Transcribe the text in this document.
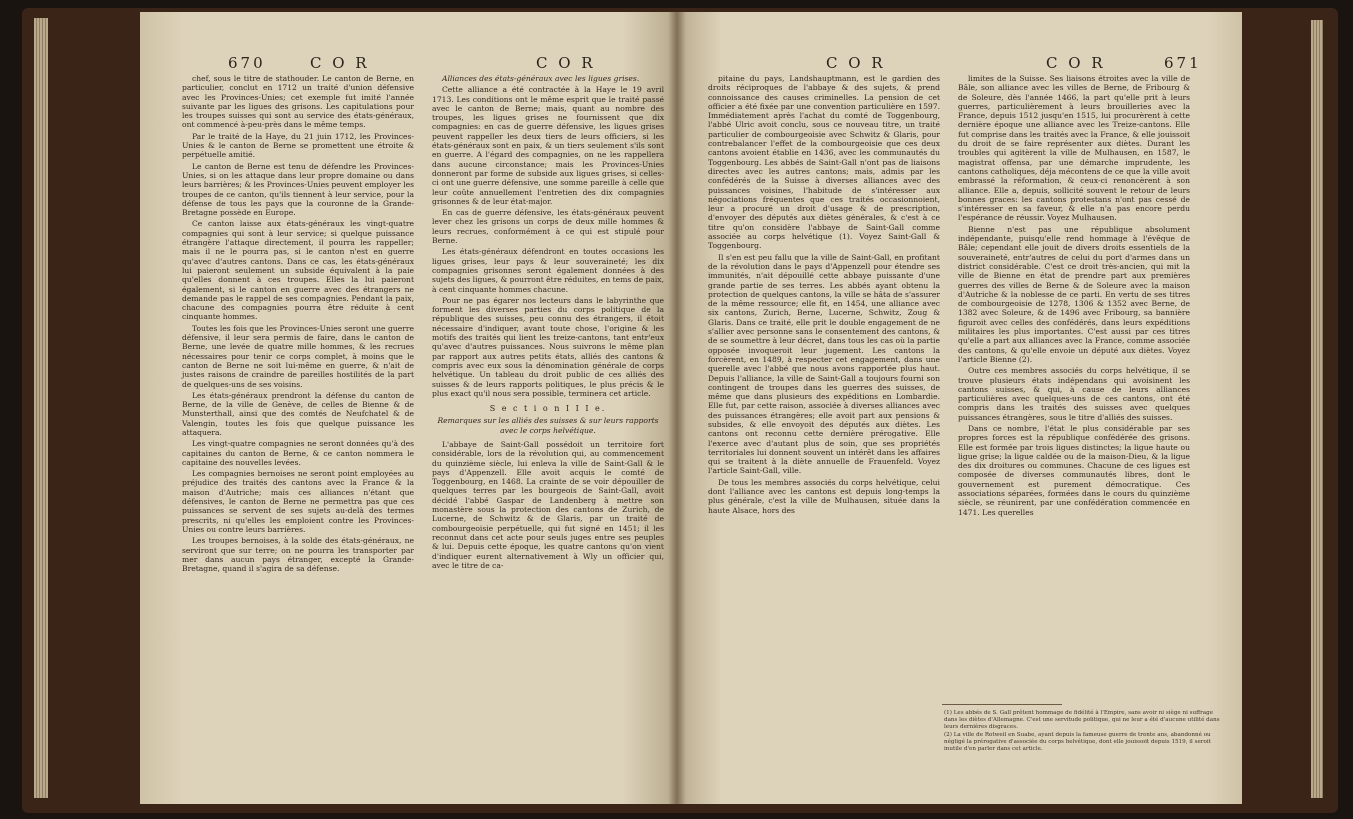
670	C O R	C O R

chef, sous le titre de stathouder. Le canton de Berne, en particulier, conclut en 1712 un traité d'union défensive avec les Provinces-Unies; cet exemple fut imité l'année suivante par les ligues des grisons. Les capitulations pour les troupes suisses qui sont au service des états-généraux, ont commencé à-peu-près dans le même temps.

Par le traité de la Haye, du 21 juin 1712, les Provinces-Unies & le canton de Berne se promettent une étroite & perpétuelle amitié.

Le canton de Berne est tenu de défendre les Provinces-Unies, si on les attaque dans leur propre domaine ou dans leurs barrières; & les Provinces-Unies peuvent employer les troupes de ce canton, qu'ils tiennent à leur service, pour la défense de tous les pays que la couronne de la Grande-Bretagne possède en Europe.

Ce canton laisse aux états-généraux les vingt-quatre compagnies qui sont à leur service; si quelque puissance étrangère l'attaque directement, il pourra les rappeller; mais il ne le pourra pas, si le canton n'est en guerre qu'avec d'autres cantons. Dans ce cas, les états-généraux lui paieront seulement un subside équivalent à la paie qu'elles donnent à ces troupes. Elles la lui paieront également, si le canton en guerre avec des étrangers ne demande pas le rappel de ses compagnies. Pendant la paix, chacune des compagnies pourra être réduite à cent cinquante hommes.

Toutes les fois que les Provinces-Unies seront une guerre défensive, il leur sera permis de faire, dans le canton de Berne, une levée de quatre mille hommes, & les recrues nécessaires pour tenir ce corps complet, à moins que le canton de Berne ne soit lui-même en guerre, & n'ait de justes raisons de craindre de pareilles hostilités de la part de quelques-uns de ses voisins.

Les états-généraux prendront la défense du canton de Berne, de la ville de Genève, de celles de Bienne & de Munsterthall, ainsi que des comtés de Neufchatel & de Valengin, toutes les fois que quelque puissance les attaquera.

Les vingt-quatre compagnies ne seront données qu'à des capitaines du canton de Berne, & ce canton nommera le capitaine des nouvelles levées.

Les compagnies bernoises ne seront point employées au préjudice des traités des cantons avec la France & la maison d'Autriche; mais ces alliances n'étant que défensives, le canton de Berne ne permettra pas que ces puissances se servent de ses sujets au-delà des termes prescrits, ni qu'elles les emploient contre les Provinces-Unies ou contre leurs barrières.

Les troupes bernoises, à la solde des états-généraux, ne serviront que sur terre; on ne pourra les transporter par mer dans aucun pays étranger, excepté la Grande-Bretagne, quand il s'agira de sa défense.

Alliances des états-généraux avec les ligues grises.

Cette alliance a été contractée à la Haye le 19 avril 1713. Les conditions ont le même esprit que le traité passé avec le canton de Berne; mais, quant au nombre des troupes, les ligues grises ne fournissent que dix compagnies: en cas de guerre défensive, les ligues grises peuvent rappeller les deux tiers de leurs officiers, si les états-généraux sont en paix, & un tiers seulement s'ils sont en guerre. A l'égard des compagnies, on ne les rappellera dans aucune circonstance; mais les Provinces-Unies donneront par forme de subside aux ligues grises, si celles-ci ont une guerre défensive, une somme pareille à celle que leur coûte annuellement l'entretien des dix compagnies grisonnes & de leur état-major.

En cas de guerre défensive, les états-généraux peuvent lever chez les grisons un corps de deux mille hommes & leurs recrues, conformément à ce qui est stipulé pour Berne.

Les états-généraux défendront en toutes occasions les ligues grises, leur pays & leur souveraineté; les dix compagnies grisonnes seront également données à des sujets des ligues, & pourront être réduites, en tems de paix, à cent cinquante hommes chacune.

Pour ne pas égarer nos lecteurs dans le labyrinthe que forment les diverses parties du corps politique de la république des suisses, peu connu des étrangers, il étoit nécessaire d'indiquer, avant toute chose, l'origine & les motifs des traités qui lient les treize-cantons, tant entr'eux qu'avec d'autres puissances. Nous suivrons le même plan par rapport aux autres petits états, alliés des cantons & compris avec eux sous la dénomination générale de corps helvétique. Un tableau du droit public de ces alliés des suisses & de leurs rapports politiques, le plus précis & le plus exact qu'il nous sera possible, terminera cet article.

S e c t i o n I I I e.

Remarques sur les alliés des suisses & sur leurs rapports avec le corps helvétique.

L'abbaye de Saint-Gall possédoit un territoire fort considérable, lors de la révolution qui, au commencement du quinzième siècle, lui enleva la ville de Saint-Gall & le pays d'Appenzell. Elle avoit acquis le comté de Toggenbourg, en 1468. La crainte de se voir dépouiller de quelques terres par les bourgeois de Saint-Gall, avoit décidé l'abbé Gaspar de Landenberg à mettre son monastère sous la protection des cantons de Zurich, de Lucerne, de Schwitz & de Glaris, par un traité de combourgeoisie perpétuelle, qui fut signé en 1451; il les reconnut dans cet acte pour seuls juges entre ses peuples & lui. Depuis cette époque, les quatre cantons qu'on vient d'indiquer eurent alternativement à Wly un officier qui, avec le titre de ca-

C O R	C O R	671

pitaine du pays, Landshauptmann, est le gardien des droits réciproques de l'abbaye & des sujets, & prend connoissance des causes criminelles. La pension de cet officier a été fixée par une convention particulière en 1597. Immédiatement après l'achat du comté de Toggenbourg, l'abbé Ulric avoit conclu, sous ce nouveau titre, un traité particulier de combourgeoisie avec Schwitz & Glaris, pour contrebalancer l'effet de la combourgeoisie que ces deux cantons avoient établie en 1436, avec les communautés du Toggenbourg. Les abbés de Saint-Gall n'ont pas de liaisons directes avec les autres cantons; mais, admis par les confédérés de la Suisse à diverses alliances avec des puissances voisines, l'habitude de s'intéresser aux négociations fréquentes que ces traités occasionnoient, leur a procuré un droit d'usage & de prescription, d'envoyer des députés aux diètes générales, & c'est à ce titre qu'on considère l'abbaye de Saint-Gall comme associée au corps helvétique (1). Voyez Saint-Gall & Toggenbourg.

Il s'en est peu fallu que la ville de Saint-Gall, en profitant de la révolution dans le pays d'Appenzell pour étendre ses immunités, n'ait dépouillé cette abbaye puissante d'une grande partie de ses terres. Les abbés ayant obtenu la protection de quelques cantons, la ville se hâta de s'assurer de la même ressource; elle fit, en 1454, une alliance avec six cantons, Zurich, Berne, Lucerne, Schwitz, Zoug & Glaris. Dans ce traité, elle prit le double engagement de ne s'allier avec personne sans le consentement des cantons, & de se soumettre à leur décret, dans tous les cas où la partie opposée invoqueroit leur jugement. Les cantons la forcèrent, en 1489, à respecter cet engagement, dans une querelle avec l'abbé que nous avons rapportée plus haut. Depuis l'alliance, la ville de Saint-Gall a toujours fourni son contingent de troupes dans les guerres des suisses, de même que dans plusieurs des expéditions en Lombardie. Elle fut, par cette raison, associée à diverses alliances avec des puissances étrangères; elle avoit part aux pensions & subsides, & elle envoyoit des députés aux diètes. Les cantons ont reconnu cette dernière prérogative. Elle l'exerce avec d'autant plus de soin, que ses propriétés territoriales lui donnent souvent un intérêt dans les affaires qui se traitent à la diète annuelle de Frauenfeld. Voyez l'article Saint-Gall, ville.

De tous les membres associés du corps helvétique, celui dont l'alliance avec les cantons est depuis long-temps la plus générale, c'est la ville de Mulhausen, située dans la haute Alsace, hors des

limites de la Suisse. Ses liaisons étroites avec la ville de Bâle, son alliance avec les villes de Berne, de Fribourg & de Soleure, dès l'année 1466, la part qu'elle prit à leurs guerres, particulièrement à leurs brouilleries avec la France, depuis 1512 jusqu'en 1515, lui procurèrent à cette dernière époque une alliance avec les Treize-cantons. Elle fut comprise dans les traités avec la France, & elle jouissoit du droit de se faire représenter aux diètes. Durant les troubles qui agitèrent la ville de Mulhausen, en 1587, le magistrat offensa, par une démarche imprudente, les cantons catholiques, déja mécontens de ce que la ville avoit embrassé la réformation, & ceux-ci renoncèrent à son alliance. Elle a, depuis, sollicité souvent le retour de leurs bonnes graces: les cantons protestans n'ont pas cessé de s'intéresser en sa faveur, & elle n'a pas encore perdu l'espérance de réussir. Voyez Mulhausen.

Bienne n'est pas une république absolument indépendante, puisqu'elle rend hommage à l'évêque de Bâle; cependant elle jouit de divers droits essentiels de la souveraineté, entr'autres de celui du port d'armes dans un district considérable. C'est ce droit très-ancien, qui mit la ville de Bienne en état de prendre part aux premières guerres des villes de Berne & de Soleure avec la maison d'Autriche & la noblesse de ce parti. En vertu de ses titres de combourgeoisie de 1278, 1306 & 1352 avec Berne, de 1382 avec Soleure, & de 1496 avec Fribourg, sa bannière figuroit avec celles des confédérés, dans leurs expéditions militaires les plus importantes. C'est aussi par ces titres qu'elle a part aux alliances avec la France, comme associée des cantons, & qu'elle envoie un député aux diètes. Voyez l'article Bienne (2).

Outre ces membres associés du corps helvétique, il se trouve plusieurs états indépendans qui avoisinent les cantons suisses, & qui, à cause de leurs alliances particulières avec quelques-uns de ces cantons, ont été compris dans les traités des suisses avec quelques puissances étrangères, sous le titre d'alliés des suisses.

Dans ce nombre, l'état le plus considérable par ses propres forces est la république confédérée des grisons. Elle est formée par trois ligues distinctes; la ligue haute ou ligue grise; la ligue caldée ou de la maison-Dieu, & la ligue des dix droitures ou communes. Chacune de ces ligues est composée de diverses communautés libres, dont le gouvernement est purement démocratique. Ces associations séparées, formées dans le cours du quinzième siècle, se réunirent, par une confédération commencée en 1471. Les querelles

(1) Les abbés de S. Gall prêtent hommage de fidélité à l'Empire, sans avoir ni siège ni suffrage dans les diètes d'Allemagne. C'est une servitude politique, qui ne leur a été d'aucune utilité dans leurs dernières disgraces.

(2) La ville de Rotweil en Suabe, ayant depuis la fameuse guerre de trente ans, abandonné ou négligé la prérogative d'associée du corps helvétique, dont elle jouissoit depuis 1519, il seroit inutile d'en parler dans cet article.
